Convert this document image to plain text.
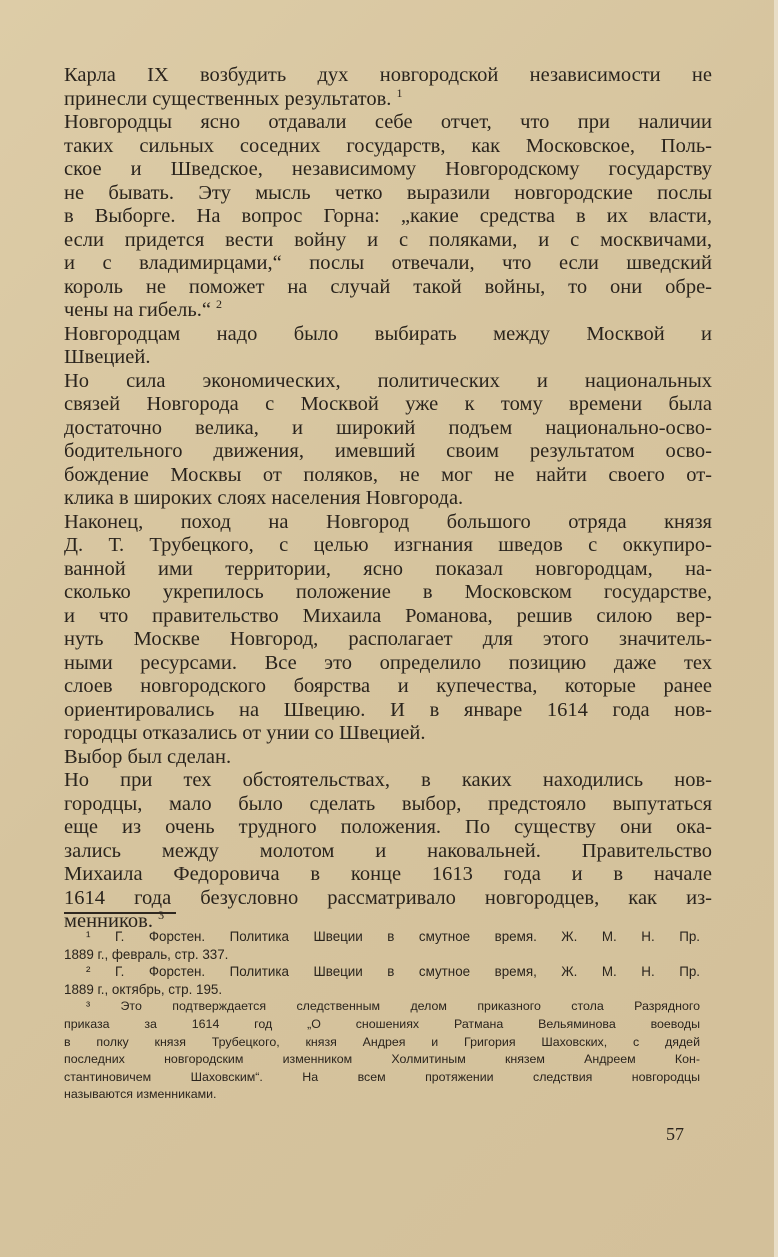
Карла IX возбудить дух новгородской независимости не
принесли существенных результатов. $^1$
Новгородцы ясно отдавали себе отчет, что при наличии
таких сильных соседних государств, как Московское, Поль-
ское и Шведское, независимому Новгородскому государству
не бывать. Эту мысль четко выразили новгородские послы
в Выборге. На вопрос Горна: „какие средства в их власти,
если придется вести войну и с поляками, и с москвичами,
и с владимирцами,“ послы отвечали, что если шведский
король не поможет на случай такой войны, то они обре-
чены на гибель.“ $^2$
Новгородцам надо было выбирать между Москвой и
Швецией.
Но сила экономических, политических и национальных
связей Новгорода с Москвой уже к тому времени была
достаточно велика, и широкий подъем национально-осво-
бодительного движения, имевший своим результатом осво-
бождение Москвы от поляков, не мог не найти своего от-
клика в широких слоях населения Новгорода.
Наконец, поход на Новгород большого отряда князя
Д. Т. Трубецкого, с целью изгнания шведов с оккупиро-
ванной ими территории, ясно показал новгородцам, на-
сколько укрепилось положение в Московском государстве,
и что правительство Михаила Романова, решив силою вер-
нуть Москве Новгород, располагает для этого значитель-
ными ресурсами. Все это определило позицию даже тех
слоев новгородского боярства и купечества, которые ранее
ориентировались на Швецию. И в январе 1614 года нов-
городцы отказались от унии со Швецией.
Выбор был сделан.
Но при тех обстоятельствах, в каких находились нов-
городцы, мало было сделать выбор, предстояло выпутаться
еще из очень трудного положения. По существу они ока-
зались между молотом и наковальней. Правительство
Михаила Федоровича в конце 1613 года и в начале
1614 года безусловно рассматривало новгородцев, как из-
менников. $^3$
¹ Г. Форстен. Политика Швеции в смутное время. Ж. М. Н. Пр.
1889 г., февраль, стр. 337.
² Г. Форстен. Политика Швеции в смутное время, Ж. М. Н. Пр.
1889 г., октябрь, стр. 195.
³ Это подтверждается следственным делом приказного стола Разрядного
приказа за 1614 год „О сношениях Ратмана Вельяминова воеводы
в полку князя Трубецкого, князя Андрея и Григория Шаховских, с дядей
последних новгородским изменником Холмитиным князем Андреем Кон-
стантиновичем Шаховским“. На всем протяжении следствия новгородцы
называются изменниками.
57
